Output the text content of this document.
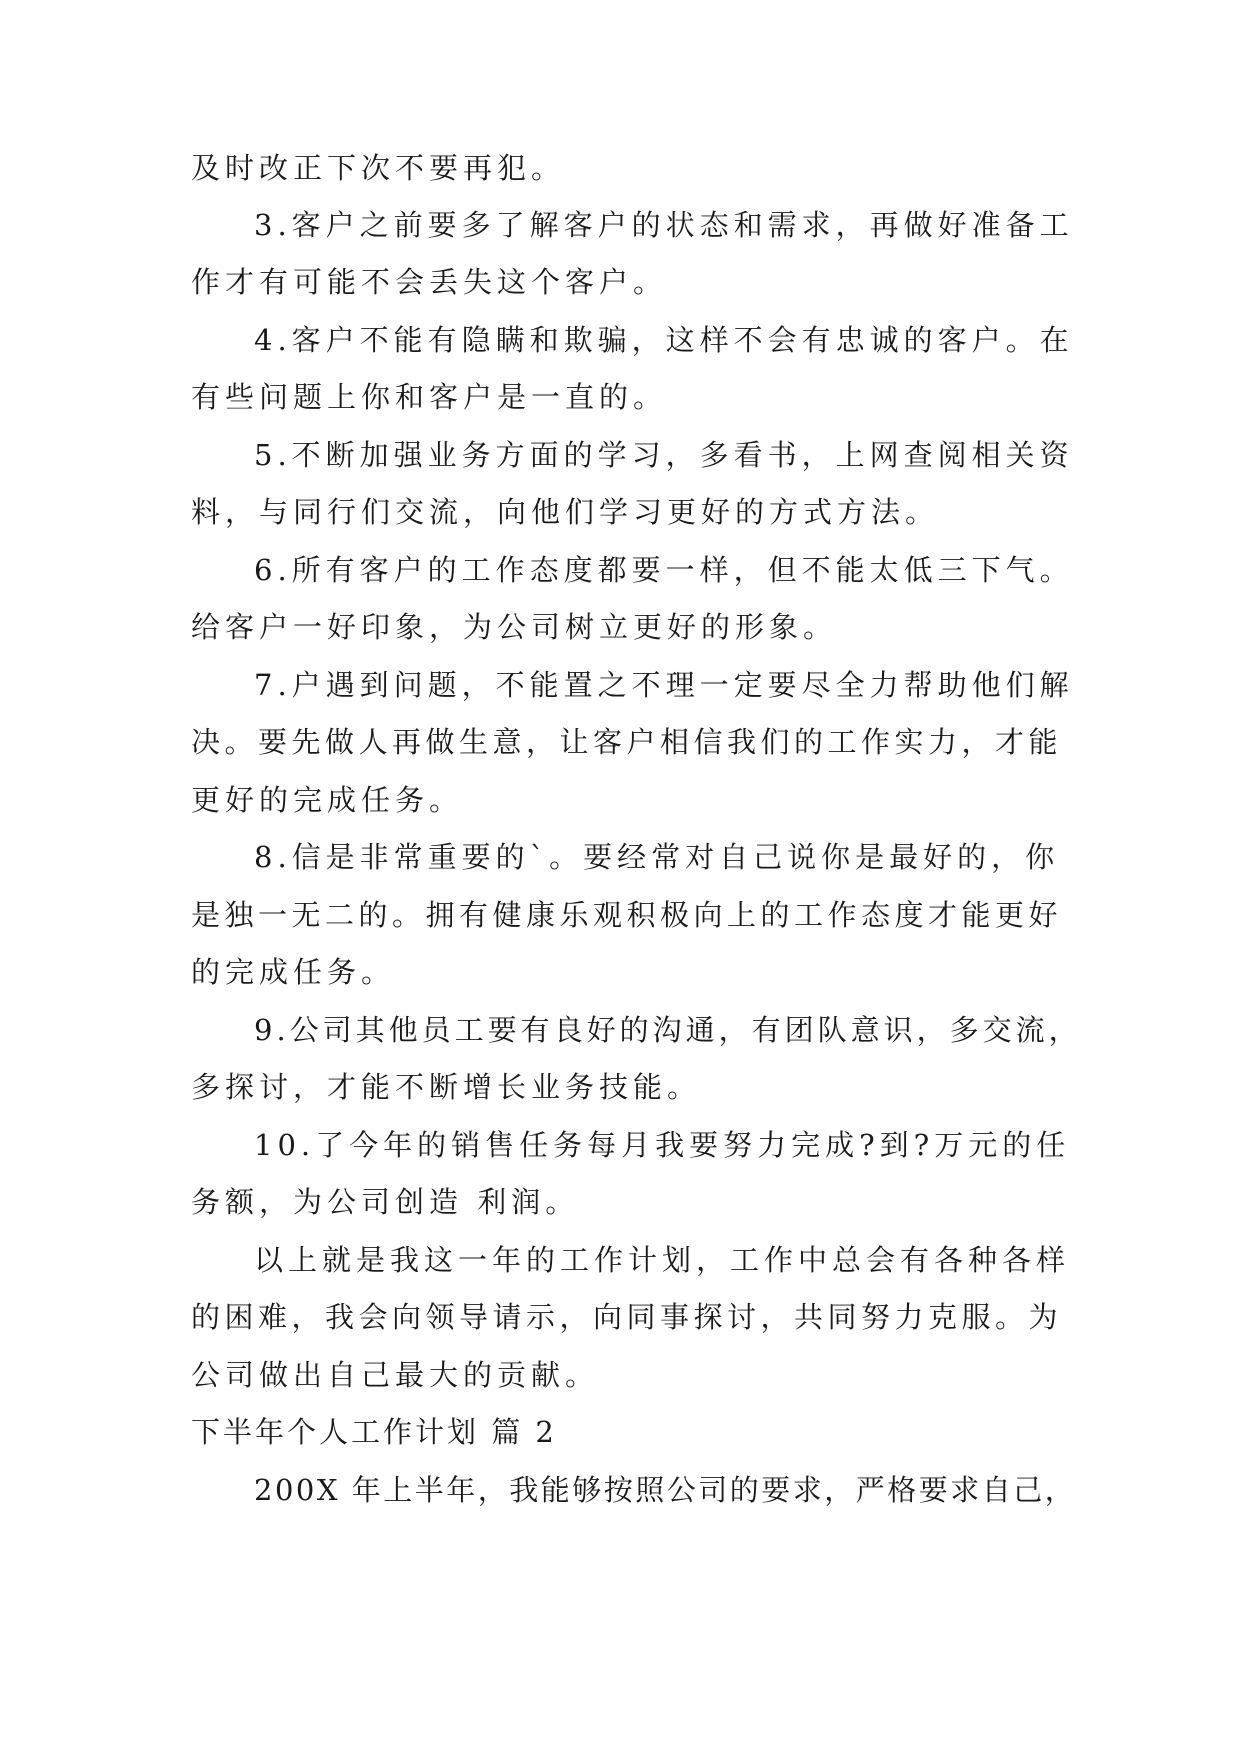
及时改正下次不要再犯。
3.客户之前要多了解客户的状态和需求，再做好准备工
作才有可能不会丢失这个客户。
4.客户不能有隐瞒和欺骗，这样不会有忠诚的客户。在
有些问题上你和客户是一直的。
5.不断加强业务方面的学习，多看书，上网查阅相关资
料，与同行们交流，向他们学习更好的方式方法。
6.所有客户的工作态度都要一样，但不能太低三下气。
给客户一好印象，为公司树立更好的形象。
7.户遇到问题，不能置之不理一定要尽全力帮助他们解
决。要先做人再做生意，让客户相信我们的工作实力，才能
更好的完成任务。
8.信是非常重要的`。要经常对自己说你是最好的，你
是独一无二的。拥有健康乐观积极向上的工作态度才能更好
的完成任务。
9.公司其他员工要有良好的沟通，有团队意识，多交流，
多探讨，才能不断增长业务技能。
10.了今年的销售任务每月我要努力完成?到?万元的任
务额，为公司创造 利润。
以上就是我这一年的工作计划，工作中总会有各种各样
的困难，我会向领导请示，向同事探讨，共同努力克服。为
公司做出自己最大的贡献。
下半年个人工作计划 篇 2
200X 年上半年，我能够按照公司的要求，严格要求自己，
